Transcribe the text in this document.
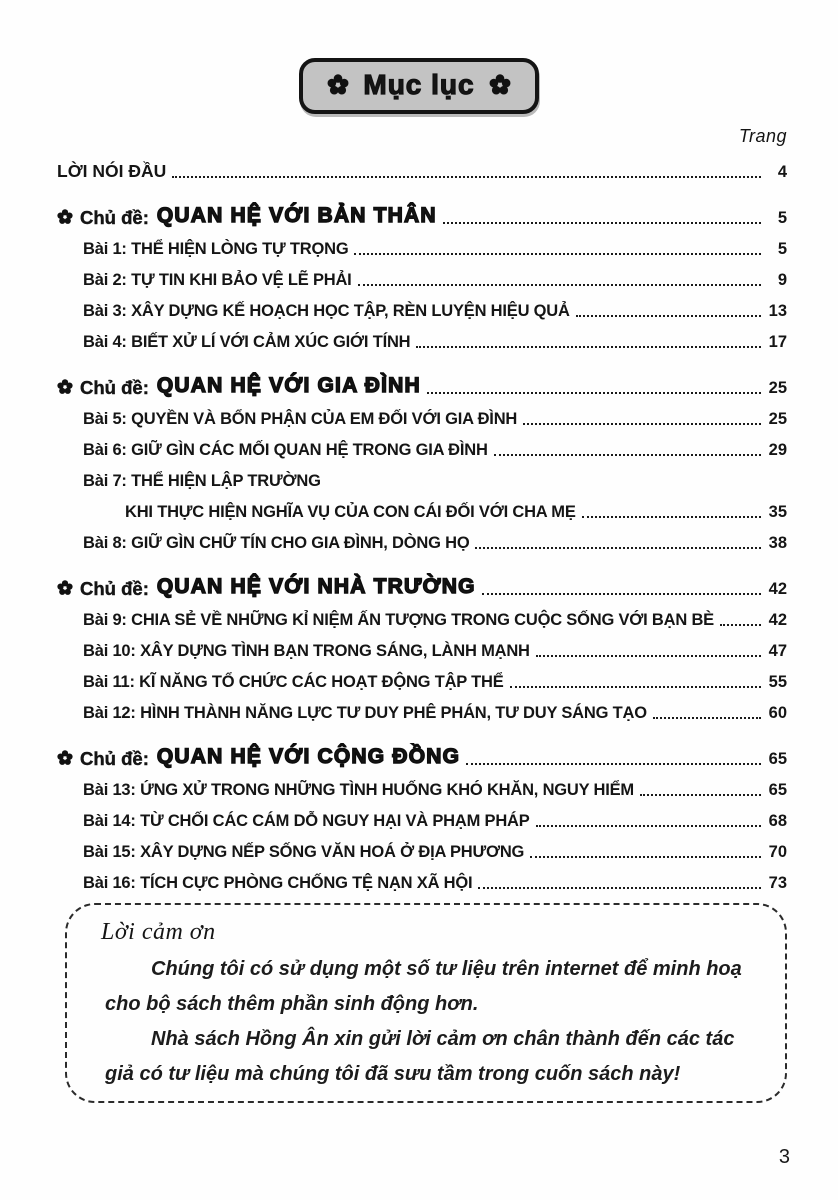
Mục lục
Trang
LỜI NÓI ĐẦU	4
Chủ đề: QUAN HỆ VỚI BẢN THÂN	5
Bài 1: THỂ HIỆN LÒNG TỰ TRỌNG	5
Bài 2: TỰ TIN KHI BẢO VỆ LẼ PHẢI	9
Bài 3: XÂY DỰNG KẾ HOẠCH HỌC TẬP, RÈN LUYỆN HIỆU QUẢ	13
Bài 4: BIẾT XỬ LÍ VỚI CẢM XÚC GIỚI TÍNH	17
Chủ đề: QUAN HỆ VỚI GIA ĐÌNH	25
Bài 5: QUYỀN VÀ BỔN PHẬN CỦA EM ĐỐI VỚI GIA ĐÌNH	25
Bài 6: GIỮ GÌN CÁC MỐI QUAN HỆ TRONG GIA ĐÌNH	29
Bài 7: THỂ HIỆN LẬP TRƯỜNG
KHI THỰC HIỆN NGHĨA VỤ CỦA CON CÁI ĐỐI VỚI CHA MẸ	35
Bài 8: GIỮ GÌN CHỮ TÍN CHO GIA ĐÌNH, DÒNG HỌ	38
Chủ đề: QUAN HỆ VỚI NHÀ TRƯỜNG	42
Bài 9: CHIA SẺ VỀ NHỮNG KỈ NIỆM ẤN TƯỢNG TRONG CUỘC SỐNG VỚI BẠN BÈ	42
Bài 10: XÂY DỰNG TÌNH BẠN TRONG SÁNG, LÀNH MẠNH	47
Bài 11: KĨ NĂNG TỔ CHỨC CÁC HOẠT ĐỘNG TẬP THỂ	55
Bài 12: HÌNH THÀNH NĂNG LỰC TƯ DUY PHÊ PHÁN, TƯ DUY SÁNG TẠO	60
Chủ đề: QUAN HỆ VỚI CỘNG ĐỒNG	65
Bài 13: ỨNG XỬ TRONG NHỮNG TÌNH HUỐNG KHÓ KHĂN, NGUY HIỂM	65
Bài 14: TỪ CHỐI CÁC CÁM DỖ NGUY HẠI VÀ PHẠM PHÁP	68
Bài 15: XÂY DỰNG NẾP SỐNG VĂN HOÁ Ở ĐỊA PHƯƠNG	70
Bài 16: TÍCH CỰC PHÒNG CHỐNG TỆ NẠN XÃ HỘI	73
Lời cảm ơn

Chúng tôi có sử dụng một số tư liệu trên internet để minh hoạ cho bộ sách thêm phần sinh động hơn.

Nhà sách Hồng Ân xin gửi lời cảm ơn chân thành đến các tác giả có tư liệu mà chúng tôi đã sưu tầm trong cuốn sách này!

3
